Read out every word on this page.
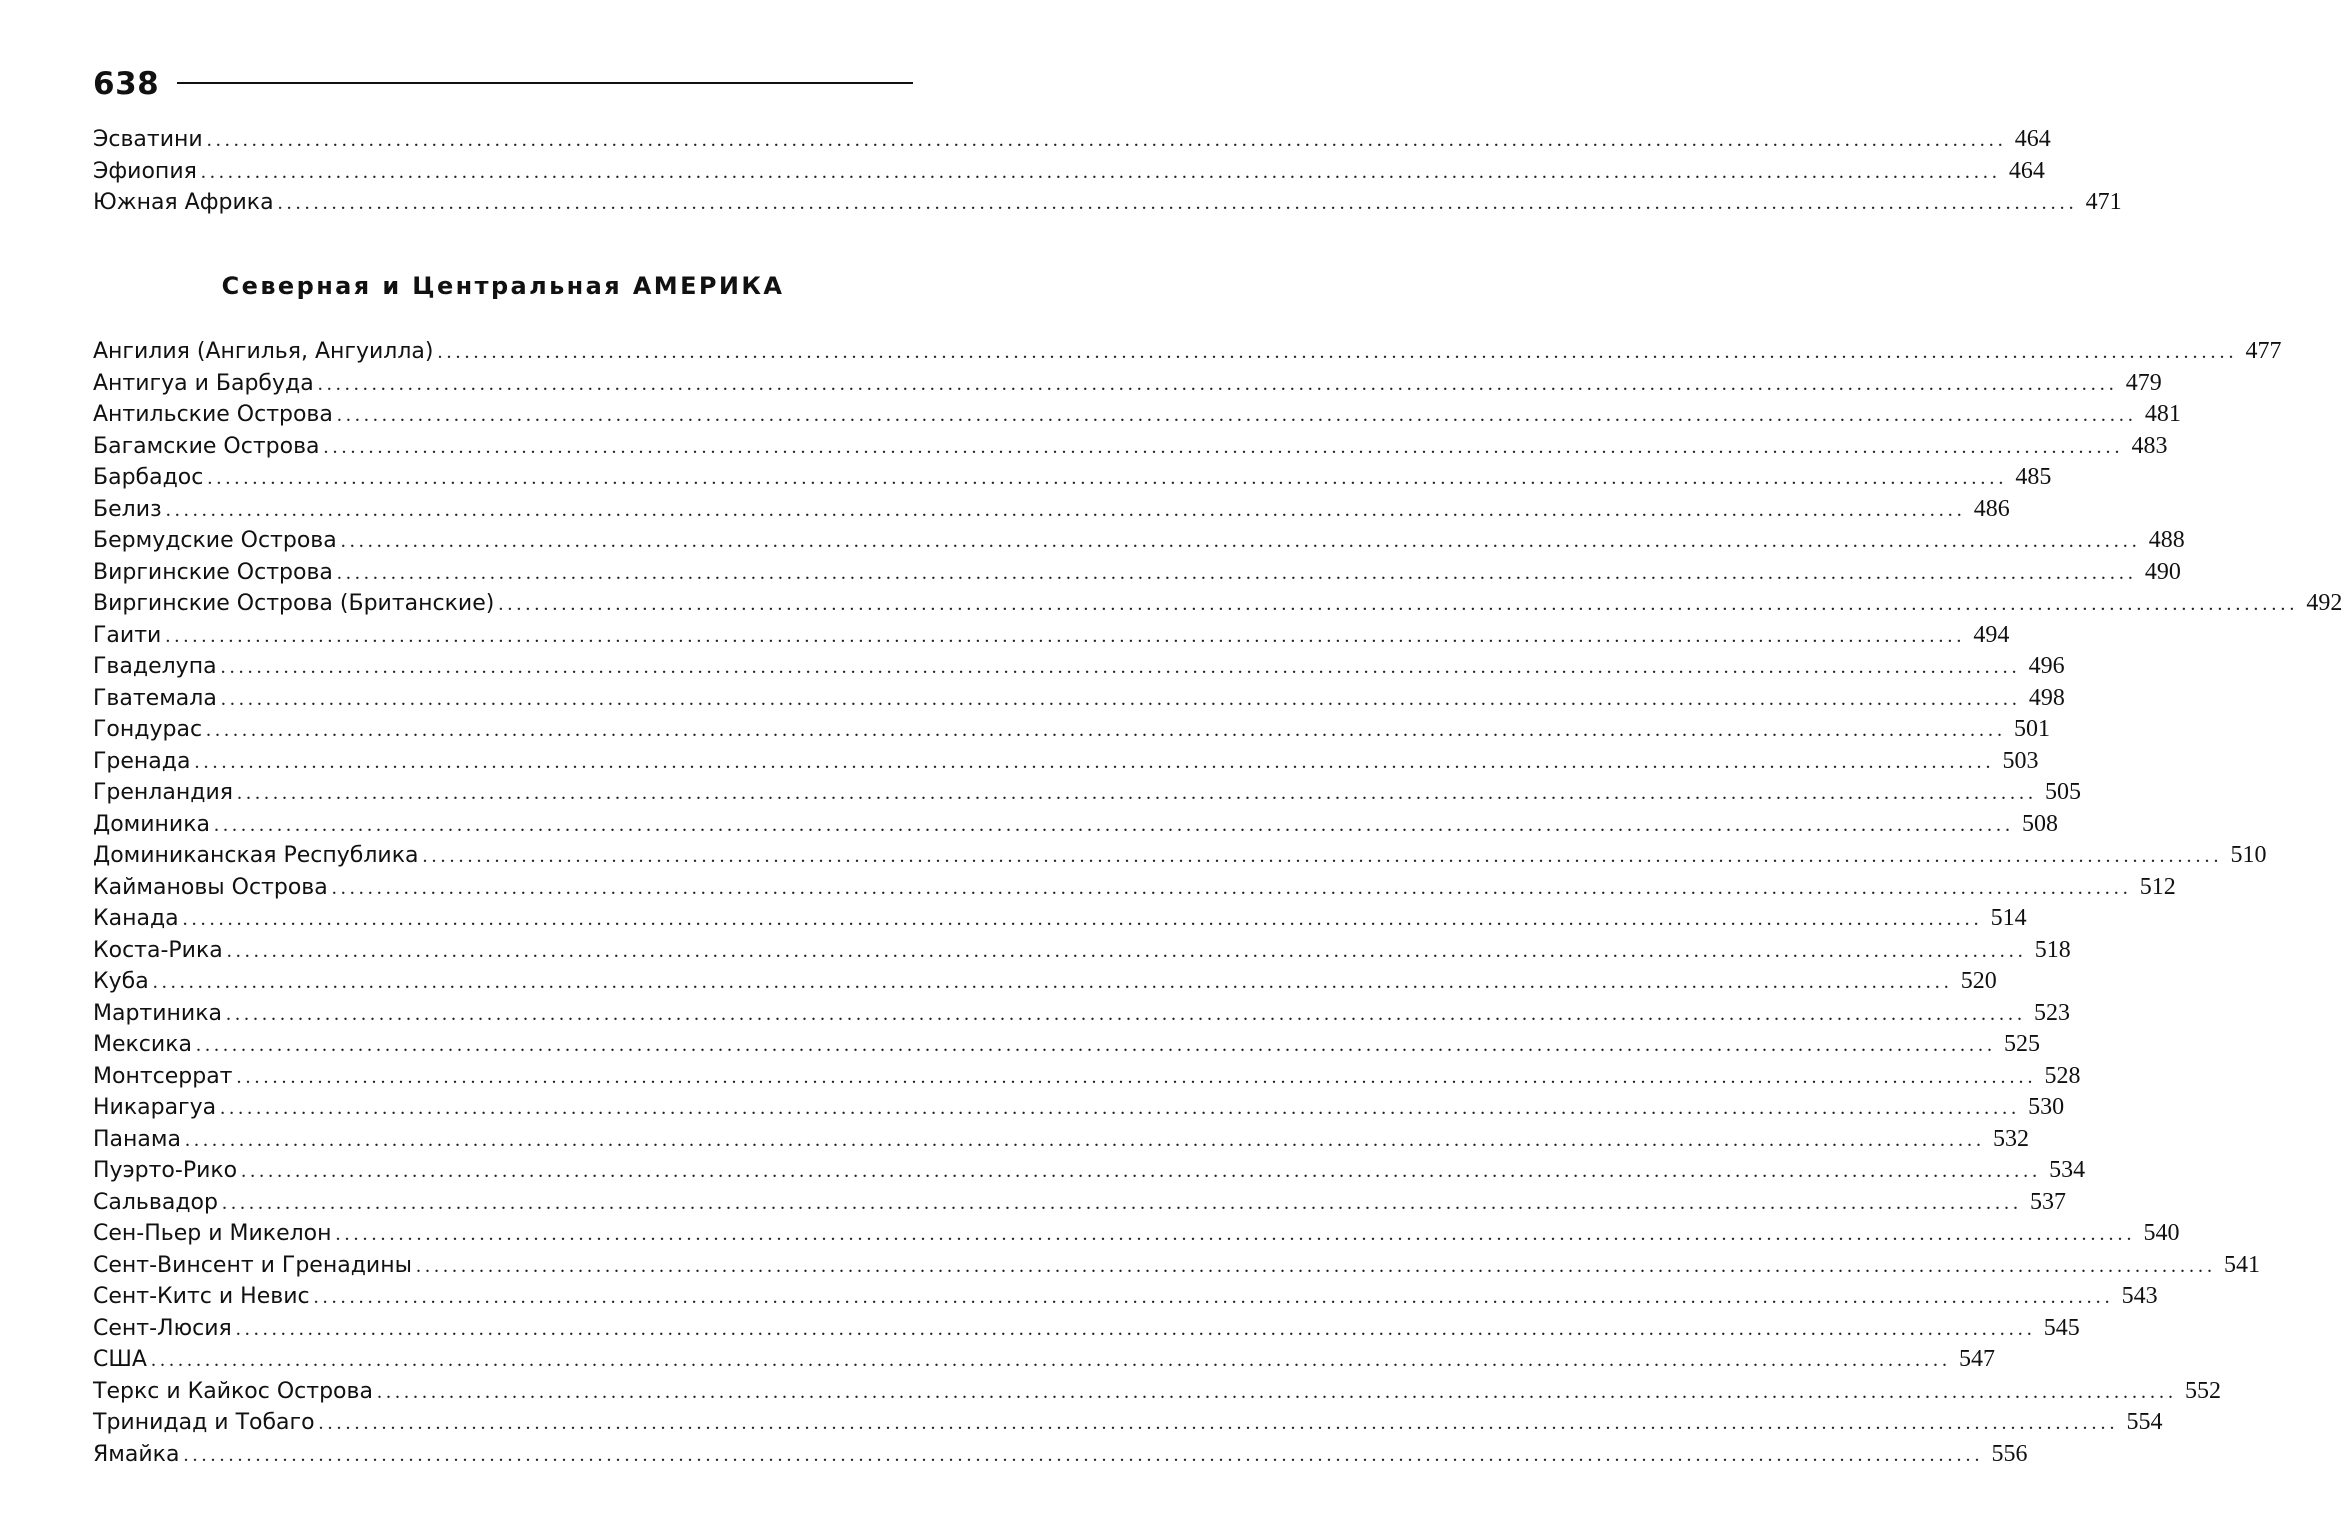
638
Эсватини ........................................................................................................................................................................................................ 464
Эфиопия ........................................................................................................................................................................................................ 464
Южная Африка ........................................................................................................................................................................................................ 471
Северная и Центральная АМЕРИКА
Ангилия (Ангилья, Ангуилла) ........................................................................................................................................................................................................ 477
Антигуа и Барбуда ........................................................................................................................................................................................................ 479
Антильские Острова ........................................................................................................................................................................................................ 481
Багамские Острова ........................................................................................................................................................................................................ 483
Барбадос ........................................................................................................................................................................................................ 485
Белиз ........................................................................................................................................................................................................ 486
Бермудские Острова ........................................................................................................................................................................................................ 488
Виргинские Острова ........................................................................................................................................................................................................ 490
Виргинские Острова (Британские) ........................................................................................................................................................................................................ 492
Гаити ........................................................................................................................................................................................................ 494
Гваделупа ........................................................................................................................................................................................................ 496
Гватемала ........................................................................................................................................................................................................ 498
Гондурас ........................................................................................................................................................................................................ 501
Гренада ........................................................................................................................................................................................................ 503
Гренландия ........................................................................................................................................................................................................ 505
Доминика ........................................................................................................................................................................................................ 508
Доминиканская Республика ........................................................................................................................................................................................................ 510
Каймановы Острова ........................................................................................................................................................................................................ 512
Канада ........................................................................................................................................................................................................ 514
Коста-Рика ........................................................................................................................................................................................................ 518
Куба ........................................................................................................................................................................................................ 520
Мартиника ........................................................................................................................................................................................................ 523
Мексика ........................................................................................................................................................................................................ 525
Монтсеррат ........................................................................................................................................................................................................ 528
Никарагуа ........................................................................................................................................................................................................ 530
Панама ........................................................................................................................................................................................................ 532
Пуэрто-Рико ........................................................................................................................................................................................................ 534
Сальвадор ........................................................................................................................................................................................................ 537
Сен-Пьер и Микелон ........................................................................................................................................................................................................ 540
Сент-Винсент и Гренадины ........................................................................................................................................................................................................ 541
Сент-Китс и Невис ........................................................................................................................................................................................................ 543
Сент-Люсия ........................................................................................................................................................................................................ 545
США ........................................................................................................................................................................................................ 547
Теркс и Кайкос Острова ........................................................................................................................................................................................................ 552
Тринидад и Тобаго ........................................................................................................................................................................................................ 554
Ямайка ........................................................................................................................................................................................................ 556
